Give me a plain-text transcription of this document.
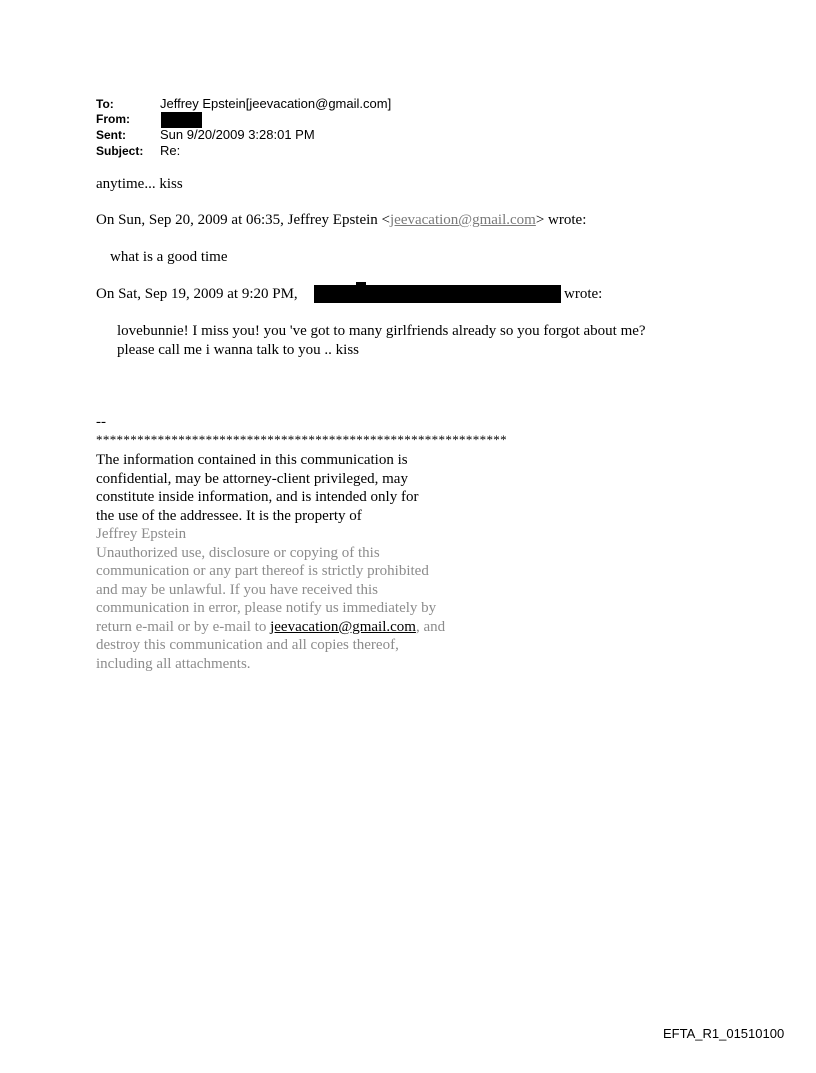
To:	Jeffrey Epstein[jeevacation@gmail.com]
From:
Sent:	Sun 9/20/2009 3:28:01 PM
Subject: Re:
anytime... kiss
On Sun, Sep 20, 2009 at 06:35, Jeffrey Epstein <jeevacation@gmail.com> wrote:
what is a good time
On Sat, Sep 19, 2009 at 9:20 PM,	wrote:
lovebunnie! I miss you! you 've got to many girlfriends already so you forgot about me?
please call me i wanna talk to you .. kiss
--
************************************************************
The information contained in this communication is
confidential, may be attorney-client privileged, may
constitute inside information, and is intended only for
the use of the addressee. It is the property of
Jeffrey Epstein
Unauthorized use, disclosure or copying of this
communication or any part thereof is strictly prohibited
and may be unlawful. If you have received this
communication in error, please notify us immediately by
return e-mail or by e-mail to jeevacation@gmail.com, and
destroy this communication and all copies thereof,
including all attachments.
EFTA_R1_01510100
